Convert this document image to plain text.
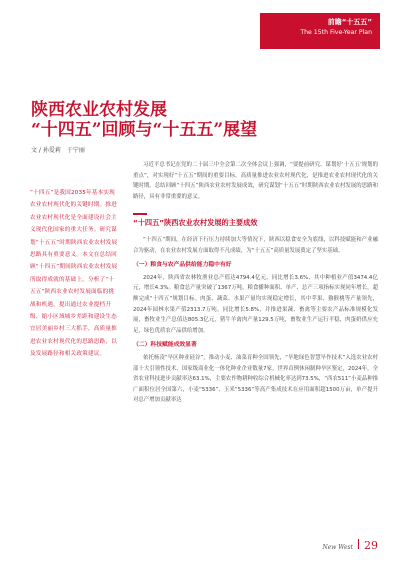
前瞻“十五五”
The 15th Five-Year Plan
陕西农业农村发展
“十四五”回顾与“十五五”展望
文 / 孙爱莉　于宁丽
“十四五”是我国2035年基本实现农业农村现代化的关键时期。推进农业农村现代化是全面建设社会主义现代化国家的重大任务。研究谋划“十五五”时期陕西农业农村发展思路具有重要意义。本文在总结回顾“十四五”期间陕西农业农村发展所取得成就的基础上，分析了“十五五”陕西农业农村发展面临的挑战和机遇，提出通过农业提档升级、缩小区域城乡差距和建设生态宜居美丽乡村三大抓手，高质量推进农业农村现代化的思路思路，以及发展路径和相关政策建议。

习近平总书记在党的二十届三中全会第二次全体会议上强调，“要提前研究、谋划好‘十五五’规划的重点”，对实现好“十五五”期间的重要目标，高质量推进农业农村现代化，是推进农业农村现代化的关键时期。总结回顾“十四五”陕西农业农村发展成效，研究谋划“十五五”时期陕西农业农村发展的思路和路径，具有非常重要的意义。

“十四五”陕西农业农村发展的主要成效

“十四五”期间，在经济下行压力持续加大等情况下，陕西以稳食安全为底线，以科技赋能和产业融合为驱动，在农业农村发展方面取得不凡成绩，为“十五五”高质量发展奠定了坚实基础。

（一）粮食与农产品供给能力稳中有好

2024年，陕西省农林牧渔业总产值达4794.4亿元，同比增长3.6%，其中种植业产值3474.4亿元，增长4.3%。粮食总产量突破了1367万吨，粮食播种面积、单产、总产三项指标实现同年增长，超额完成“十四五”规划目标。肉蛋、蔬菜、水果产量均实现稳定增长，其中苹果、猕猴桃等产量领先，2024年园林水果产值2313.7万吨，同比增长5.8%，并推进果蔬、畜禽等主要农产品标准规模化发展，畜牧业生产总值达805.3亿元，猪牛羊禽肉产量129.5万吨，畜牧业生产运行平稳，肉蛋奶供应充足，绿色优质农产品供给增加。

（二）科技赋能成效显著

依托杨凌“旱区种业硅谷”，推动小麦、油菜育种全国领先，“旱地绿色智慧旱作技术”入选农业农村部十大引领性技术，国家级商业化一体化种业企业数量7家，世界首例休闲制种旱区鉴定，2024年，全省农业科技进步贡献率达63.1%，主要农作物耕种收综合机械化率达到73.5%，“西农511”小麦品种推广面积位居全国第六，小麦“5336”、玉米“5336”等高产集成技术在应用面积超1500万亩，单产提升对总产增加贡献率达

New West 29
